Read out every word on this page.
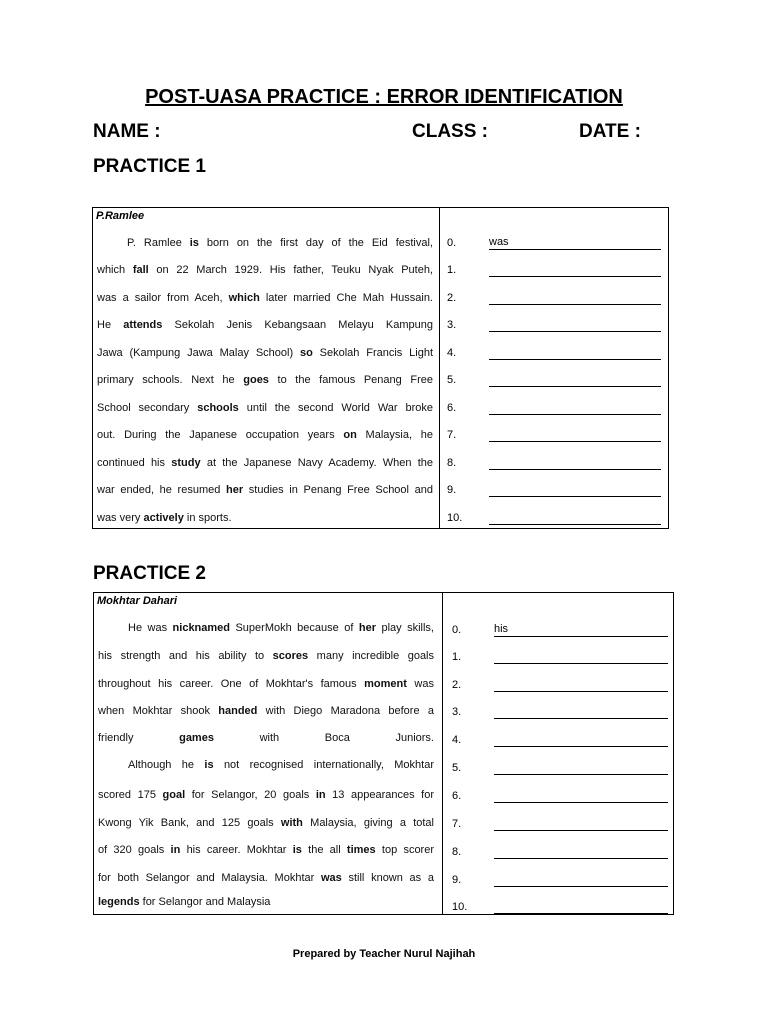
POST-UASA PRACTICE : ERROR IDENTIFICATION
NAME :	CLASS :	DATE :
PRACTICE 1
P.Ramlee
P. Ramlee is born on the first day of the Eid festival,
which fall on 22 March 1929. His father, Teuku Nyak Puteh,
was a sailor from Aceh, which later married Che Mah Hussain.
He attends Sekolah Jenis Kebangsaan Melayu Kampung
Jawa (Kampung Jawa Malay School) so Sekolah Francis Light
primary schools. Next he goes to the famous Penang Free
School secondary schools until the second World War broke
out. During the Japanese occupation years on Malaysia, he
continued his study at the Japanese Navy Academy. When the
war ended, he resumed her studies in Penang Free School and
was very actively in sports.
0.	was
1.
2.
3.
4.
5.
6.
7.
8.
9.
10.
PRACTICE 2
Mokhtar Dahari
He was nicknamed SuperMokh because of her play skills,
his strength and his ability to scores many incredible goals
throughout his career. One of Mokhtar's famous moment was
when Mokhtar shook handed with Diego Maradona before a
friendly games with Boca Juniors.
Although he is not recognised internationally, Mokhtar
scored 175 goal for Selangor, 20 goals in 13 appearances for
Kwong Yik Bank, and 125 goals with Malaysia, giving a total
of 320 goals in his career. Mokhtar is the all times top scorer
for both Selangor and Malaysia. Mokhtar was still known as a
legends for Selangor and Malaysia
0.	his
1.
2.
3.
4.
5.
6.
7.
8.
9.
10.
Prepared by Teacher Nurul Najihah
